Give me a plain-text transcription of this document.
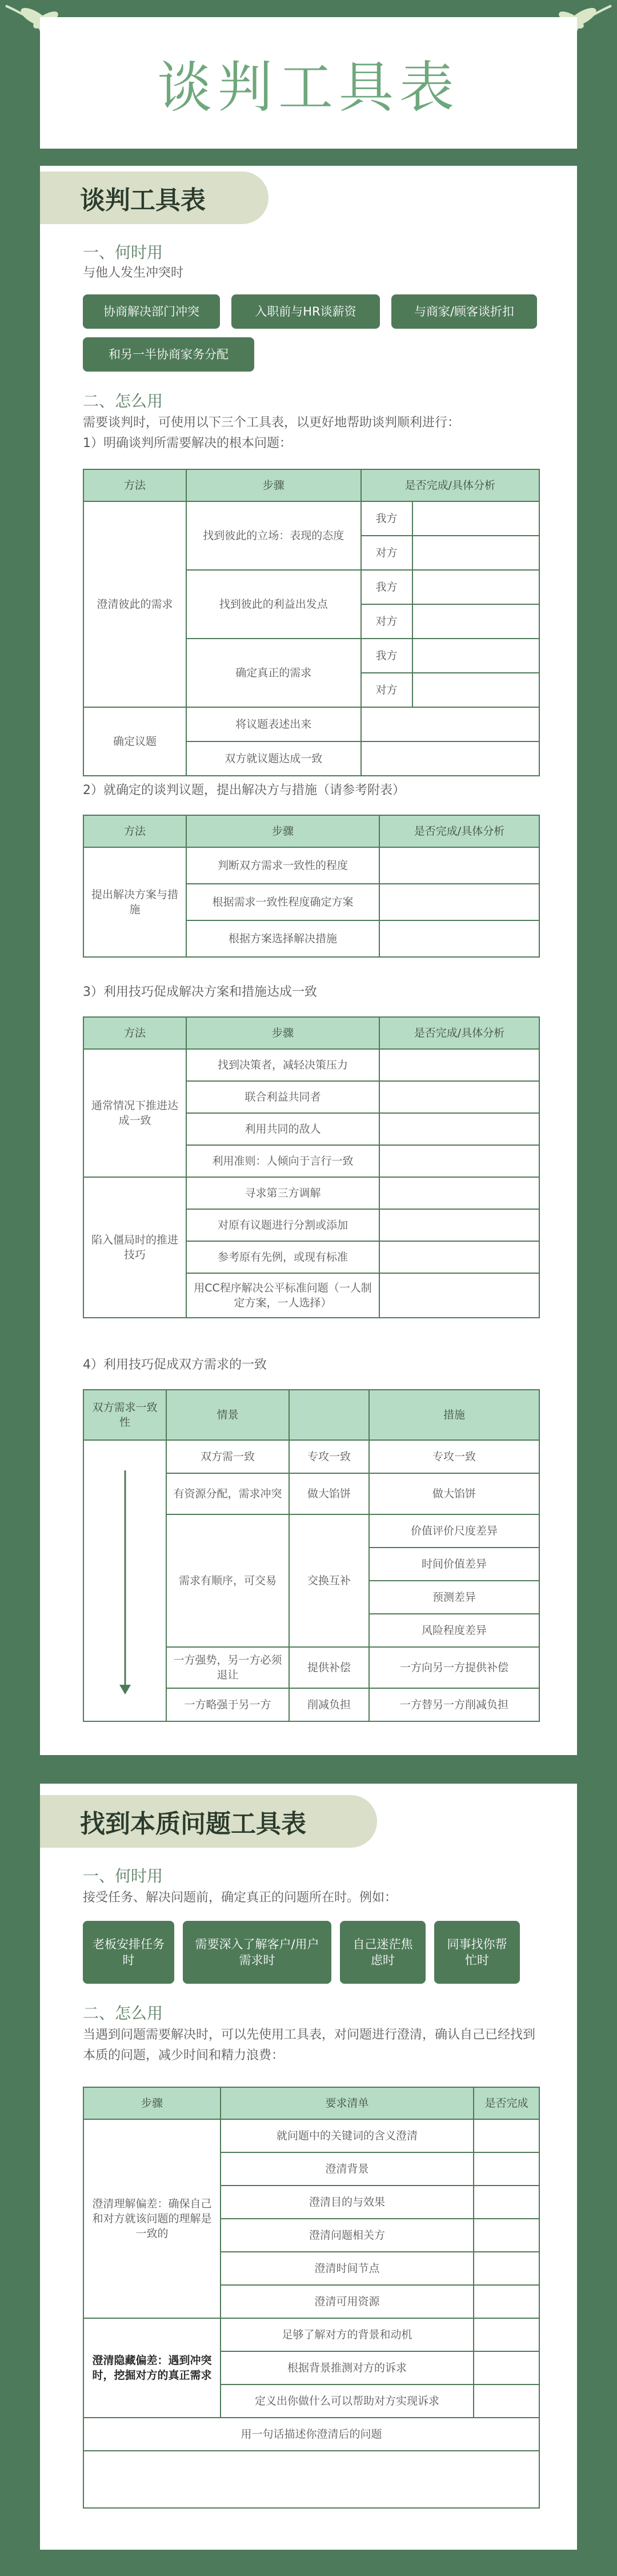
谈判工具表
谈判工具表
一、何时用
与他人发生冲突时
协商解决部门冲突	入职前与HR谈薪资	与商家/顾客谈折扣
和另一半协商家务分配
二、怎么用
需要谈判时，可使用以下三个工具表，以更好地帮助谈判顺利进行：
1）明确谈判所需要解决的根本问题：
方法	步骤	是否完成/具体分析	
澄清彼此的需求	找到彼此的立场：表现的态度	我方	
		对方	
	找到彼此的利益出发点	我方	
		对方	
	确定真正的需求	我方	
		对方	
确定议题	将议题表述出来		
	双方就议题达成一致		
2）就确定的谈判议题，提出解决方与措施（请参考附表）
方法	步骤	是否完成/具体分析
提出解决方案与措施	判断双方需求一致性的程度	
	根据需求一致性程度确定方案	
	根据方案选择解决措施	
3）利用技巧促成解决方案和措施达成一致
方法	步骤	是否完成/具体分析
通常情况下推进达成一致	找到决策者，减轻决策压力	
	联合利益共同者	
	利用共同的敌人	
	利用准则：人倾向于言行一致	
陷入僵局时的推进技巧	寻求第三方调解	
	对原有议题进行分割或添加	
	参考原有先例，或现有标准	
	用CC程序解决公平标准问题（一人制定方案，一人选择）	
4）利用技巧促成双方需求的一致
双方需求一致性	情景		措施
	双方需一致	专攻一致	专攻一致
	有资源分配，需求冲突	做大馅饼	做大馅饼
	需求有顺序，可交易	交换互补	价值评价尺度差异
			时间价值差异
			预测差异
			风险程度差异
	一方强势，另一方必须退让	提供补偿	一方向另一方提供补偿
	一方略强于另一方	削减负担	一方替另一方削减负担
找到本质问题工具表
一、何时用
接受任务、解决问题前，确定真正的问题所在时。例如：
老板安排任务时
需要深入了解客户/用户需求时
自己迷茫焦虑时
同事找你帮忙时
二、怎么用
当遇到问题需要解决时，可以先使用工具表，对问题进行澄清，确认自己已经找到本质的问题，减少时间和精力浪费：
步骤	要求清单	是否完成
澄清理解偏差：确保自己和对方就该问题的理解是一致的	就问题中的关键词的含义澄清	
	澄清背景	
	澄清目的与效果	
	澄清问题相关方	
	澄清时间节点	
	澄清可用资源	
澄清隐藏偏差：遇到冲突时，挖掘对方的真正需求	足够了解对方的背景和动机	
	根据背景推测对方的诉求	
	定义出你做什么可以帮助对方实现诉求	
用一句话描述你澄清后的问题		
